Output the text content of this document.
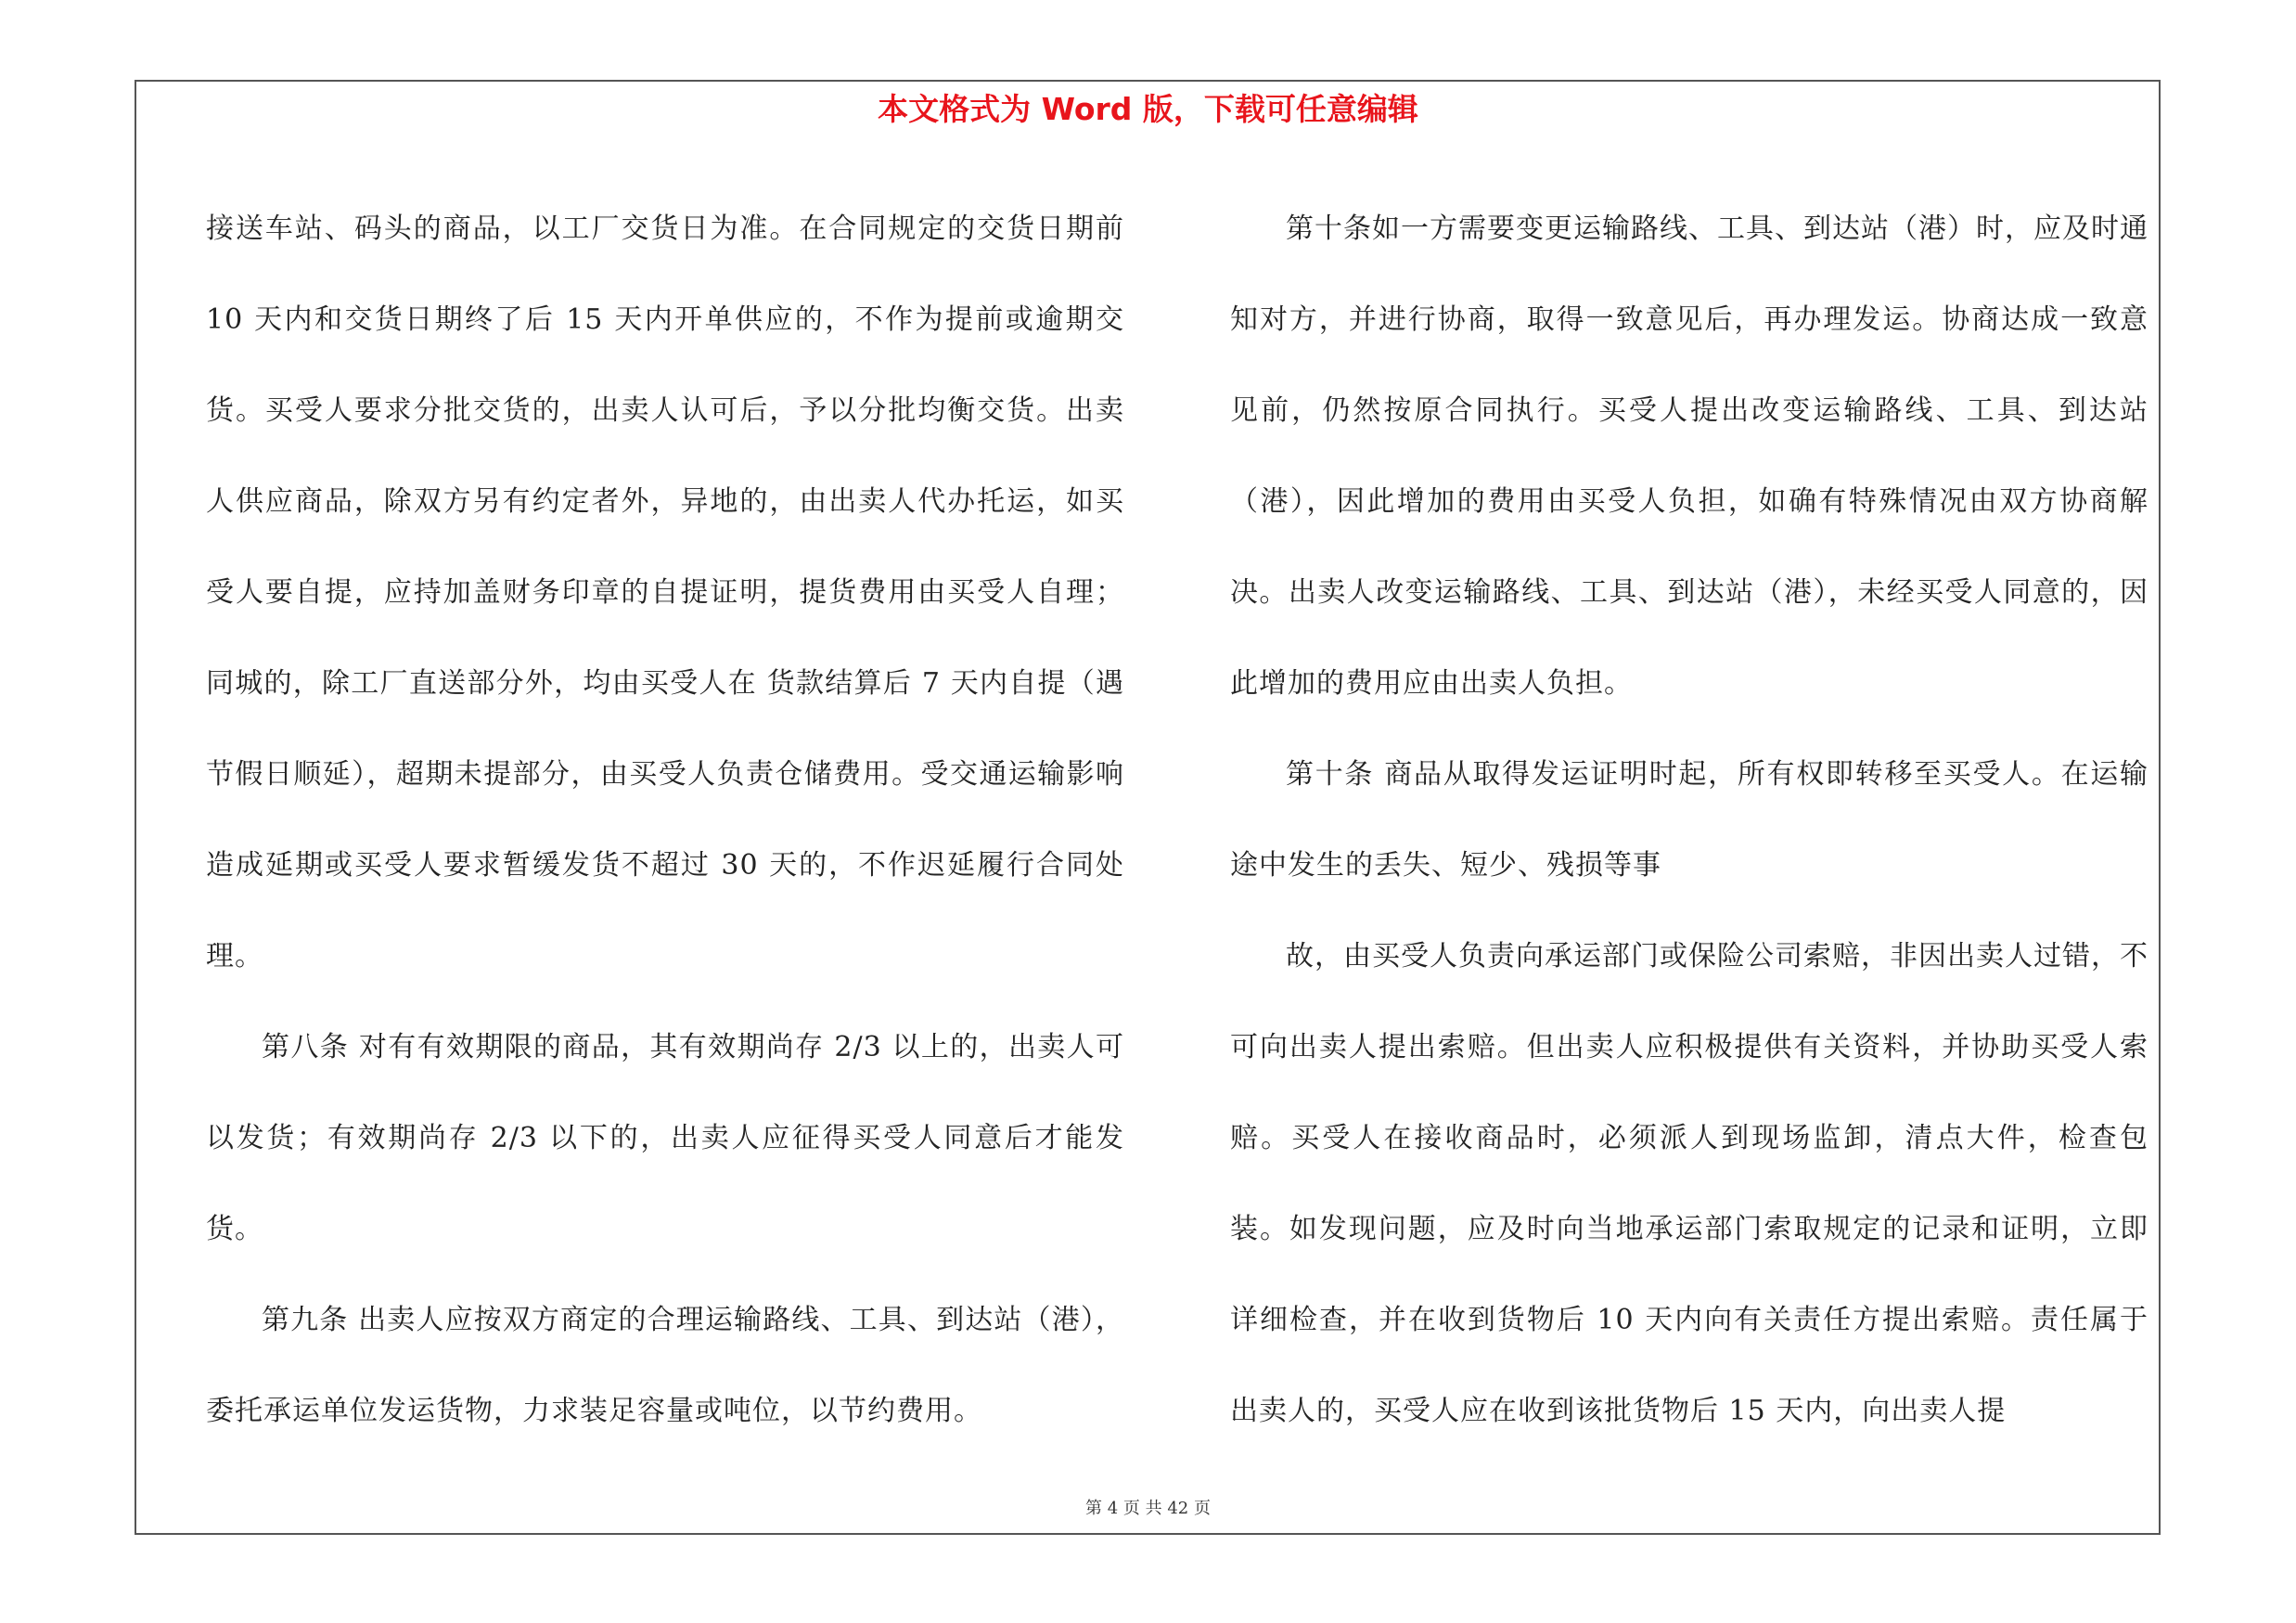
本文格式为 Word 版，下载可任意编辑

接送车站、码头的商品，以工厂交货日为准。在合同规定的交货日期前 10 天内和交货日期终了后 15 天内开单供应的，不作为提前或逾期交货。买受人要求分批交货的，出卖人认可后，予以分批均衡交货。出卖人供应商品，除双方另有约定者外，异地的，由出卖人代办托运，如买受人要自提，应持加盖财务印章的自提证明，提货费用由买受人自理；同城的，除工厂直送部分外，均由买受人在 货款结算后 7 天内自提（遇节假日顺延），超期未提部分，由买受人负责仓储费用。受交通运输影响造成延期或买受人要求暂缓发货不超过 30 天的，不作迟延履行合同处理。

第八条 对有有效期限的商品，其有效期尚存 2/3 以上的，出卖人可以发货；有效期尚存 2/3 以下的，出卖人应征得买受人同意后才能发货。

第九条 出卖人应按双方商定的合理运输路线、工具、到达站（港），委托承运单位发运货物，力求装足容量或吨位，以节约费用。

第十条如一方需要变更运输路线、工具、到达站（港）时，应及时通知对方，并进行协商，取得一致意见后，再办理发运。协商达成一致意见前，仍然按原合同执行。买受人提出改变运输路线、工具、到达站（港），因此增加的费用由买受人负担，如确有特殊情况由双方协商解决。出卖人改变运输路线、工具、到达站（港），未经买受人同意的，因此增加的费用应由出卖人负担。

第十条 商品从取得发运证明时起，所有权即转移至买受人。在运输途中发生的丢失、短少、残损等事

故，由买受人负责向承运部门或保险公司索赔，非因出卖人过错，不可向出卖人提出索赔。但出卖人应积极提供有关资料，并协助买受人索赔。买受人在接收商品时，必须派人到现场监卸，清点大件，检查包装。如发现问题，应及时向当地承运部门索取规定的记录和证明，立即详细检查，并在收到货物后 10 天内向有关责任方提出索赔。责任属于出卖人的，买受人应在收到该批货物后 15 天内，向出卖人提

第 4 页 共 42 页
